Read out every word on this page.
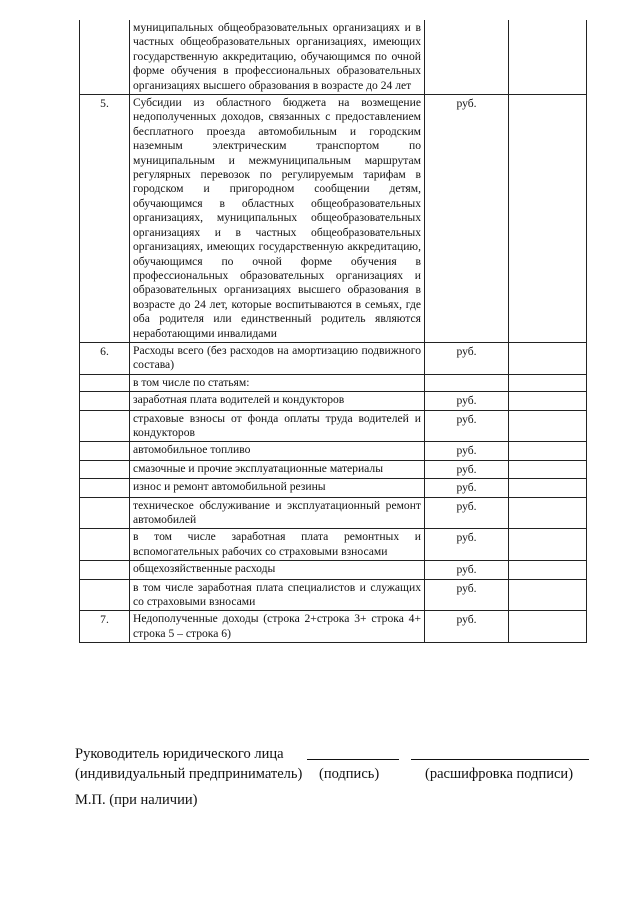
	муниципальных общеобразовательных организациях и в частных общеобразовательных организациях, имеющих государственную аккредитацию, обучающимся по очной форме обучения в профессиональных образовательных организациях высшего образования в возрасте до 24 лет		
5.	Субсидии из областного бюджета на возмещение недополученных доходов, связанных с предоставлением бесплатного проезда автомобильным и городским наземным электрическим транспортом по муниципальным и межмуниципальным маршрутам регулярных перевозок по регулируемым тарифам в городском и пригородном сообщении детям, обучающимся в областных общеобразовательных организациях, муниципальных общеобразовательных организациях и в частных общеобразовательных организациях, имеющих государственную аккредитацию, обучающимся по очной форме обучения в профессиональных образовательных организациях и образовательных организациях высшего образования в возрасте до 24 лет, которые воспитываются в семьях, где оба родителя или единственный родитель являются неработающими инвалидами	руб.	
6.	Расходы всего (без расходов на амортизацию подвижного состава)	руб.	
	в том числе по статьям:		
	заработная плата водителей и кондукторов	руб.	
	страховые взносы от фонда оплаты труда водителей и кондукторов	руб.	
	автомобильное топливо	руб.	
	смазочные и прочие эксплуатационные материалы	руб.	
	износ и ремонт автомобильной резины	руб.	
	техническое обслуживание и эксплуатационный ремонт автомобилей	руб.	
	в том числе заработная плата ремонтных и вспомогательных рабочих со страховыми взносами	руб.	
	общехозяйственные расходы	руб.	
	в том числе заработная плата специалистов и служащих со страховыми взносами	руб.	
7.	Недополученные доходы (строка 2+строка 3+ строка 4+ строка 5 – строка 6)	руб.	
Руководитель юридического лица
(индивидуальный предприниматель) (подпись)	(расшифровка подписи)
М.П. (при наличии)
